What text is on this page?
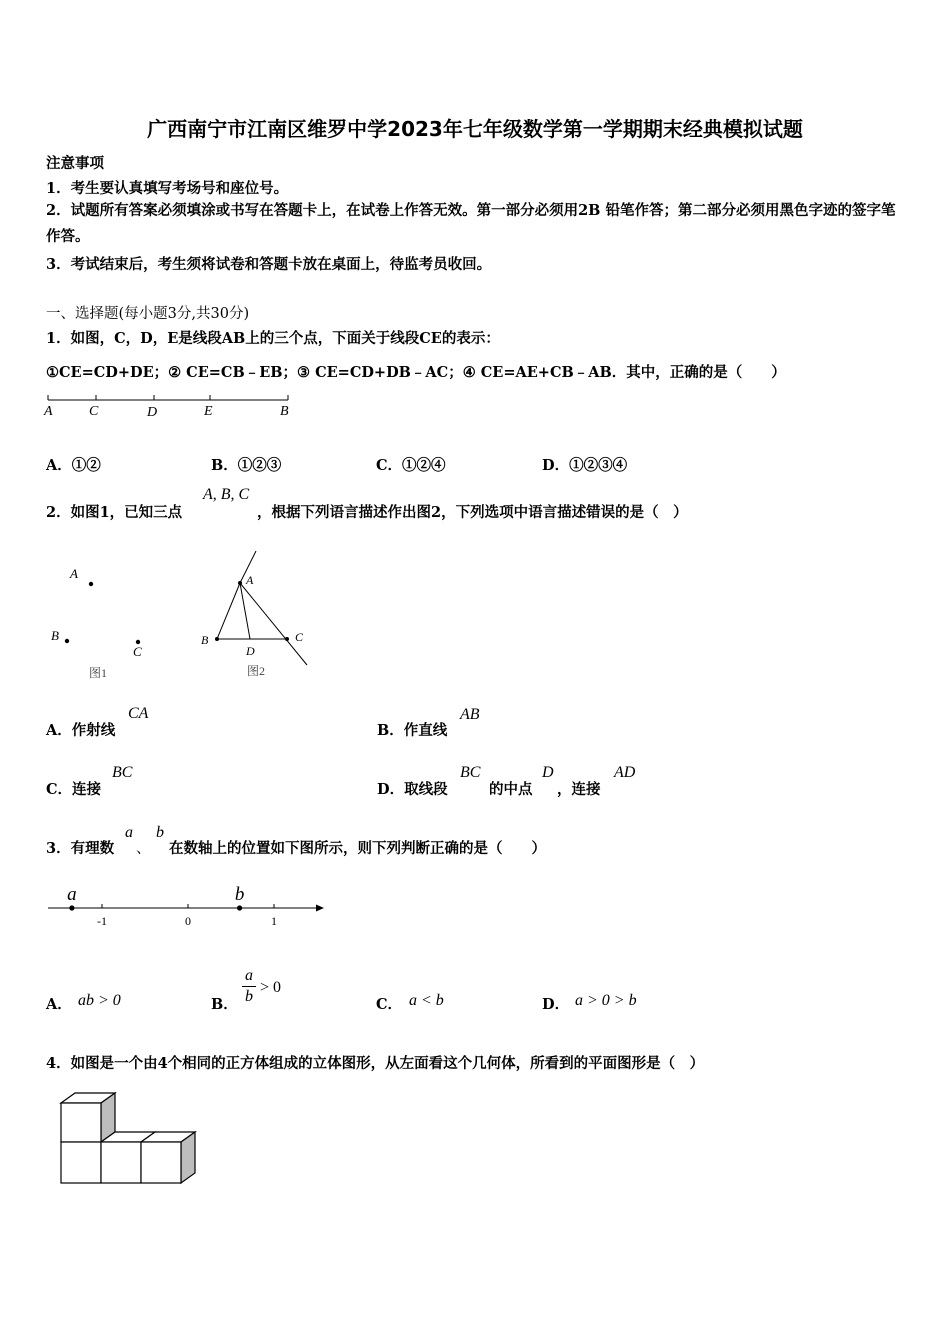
广西南宁市江南区维罗中学2023年七年级数学第一学期期末经典模拟试题
注意事项
1．考生要认真填写考场号和座位号。
2．试题所有答案必须填涂或书写在答题卡上，在试卷上作答无效。第一部分必须用2B 铅笔作答；第二部分必须用黑色字迹的签字笔作答。
3．考试结束后，考生须将试卷和答题卡放在桌面上，待监考员收回。
一、选择题(每小题3分,共30分)
1．如图，C，D，E是线段AB上的三个点，下面关于线段CE的表示：
①CE=CD+DE；② CE=CB﹣EB；③ CE=CD+DB﹣AC；④ CE=AE+CB﹣AB．其中，正确的是（　　）
A	C	D	E	B
A．①②	B．①②③	C．①②④	D．①②③④
2．如图1，已知三点
A, B, C
，根据下列语言描述作出图2，下列选项中语言描述错误的是（　）
A
B
C
图1
A
B
D
C
图2
A．作射线
CA
B．作直线
AB
C．连接
BC
D．取线段
BC
的中点
D
，连接
AD
3．有理数
a
、
b
在数轴上的位置如下图所示，则下列判断正确的是（　　）
-1	0	1
a	b
A． ab > 0	B．
a
b
> 0
C． a < b	D． a > 0 > b
4．如图是一个由4个相同的正方体组成的立体图形，从左面看这个几何体，所看到的平面图形是（　）
